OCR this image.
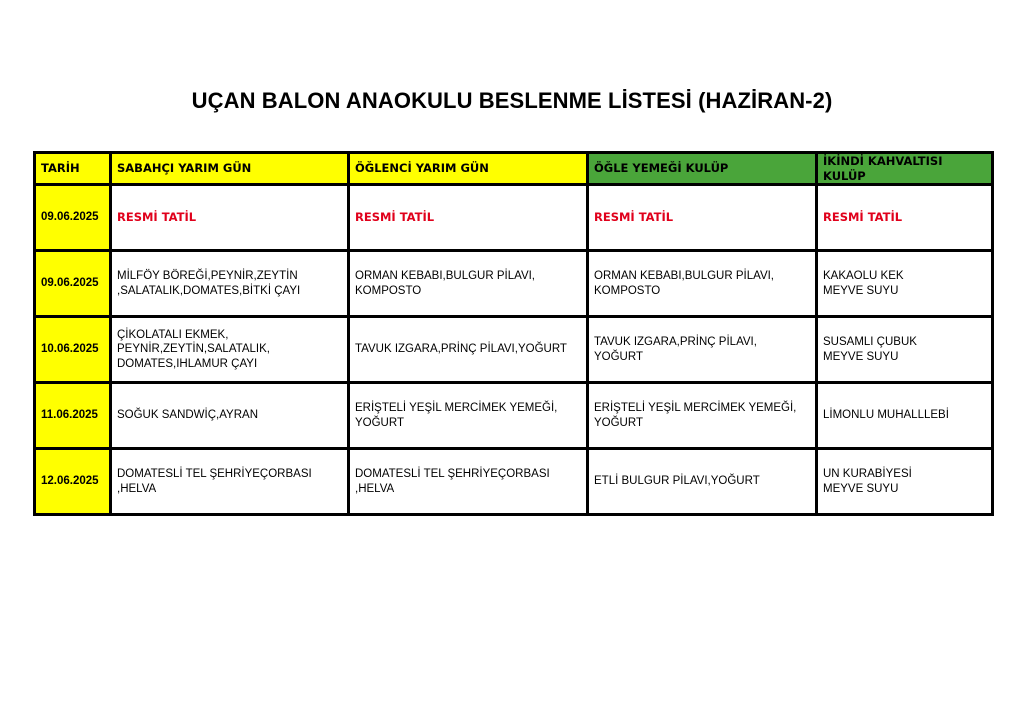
UÇAN BALON ANAOKULU BESLENME LİSTESİ (HAZİRAN-2)
TARİH	SABAHÇI YARIM GÜN	ÖĞLENCİ YARIM GÜN	ÖĞLE YEMEĞİ KULÜP	İKİNDİ KAHVALTISI KULÜP
09.06.2025	RESMİ TATİL	RESMİ TATİL	RESMİ TATİL	RESMİ TATİL
09.06.2025	MİLFÖY BÖREĞİ,PEYNİR,ZEYTİN
,SALATALIK,DOMATES,BİTKİ ÇAYI	ORMAN KEBABI,BULGUR PİLAVI,
KOMPOSTO	ORMAN KEBABI,BULGUR PİLAVI,
KOMPOSTO	KAKAOLU KEK
MEYVE SUYU
10.06.2025	ÇİKOLATALI EKMEK,
PEYNİR,ZEYTİN,SALATALIK,
DOMATES,IHLAMUR ÇAYI	TAVUK IZGARA,PRİNÇ PİLAVI,YOĞURT	TAVUK IZGARA,PRİNÇ PİLAVI,
YOĞURT	SUSAMLI ÇUBUK
MEYVE SUYU
11.06.2025	SOĞUK SANDWİÇ,AYRAN	ERİŞTELİ YEŞİL MERCİMEK YEMEĞİ,
YOĞURT	ERİŞTELİ YEŞİL MERCİMEK YEMEĞİ,
YOĞURT	LİMONLU MUHALLLEBİ
12.06.2025	DOMATESLİ TEL ŞEHRİYEÇORBASI
,HELVA	DOMATESLİ TEL ŞEHRİYEÇORBASI
,HELVA	ETLİ BULGUR PİLAVI,YOĞURT	UN KURABİYESİ
MEYVE SUYU
